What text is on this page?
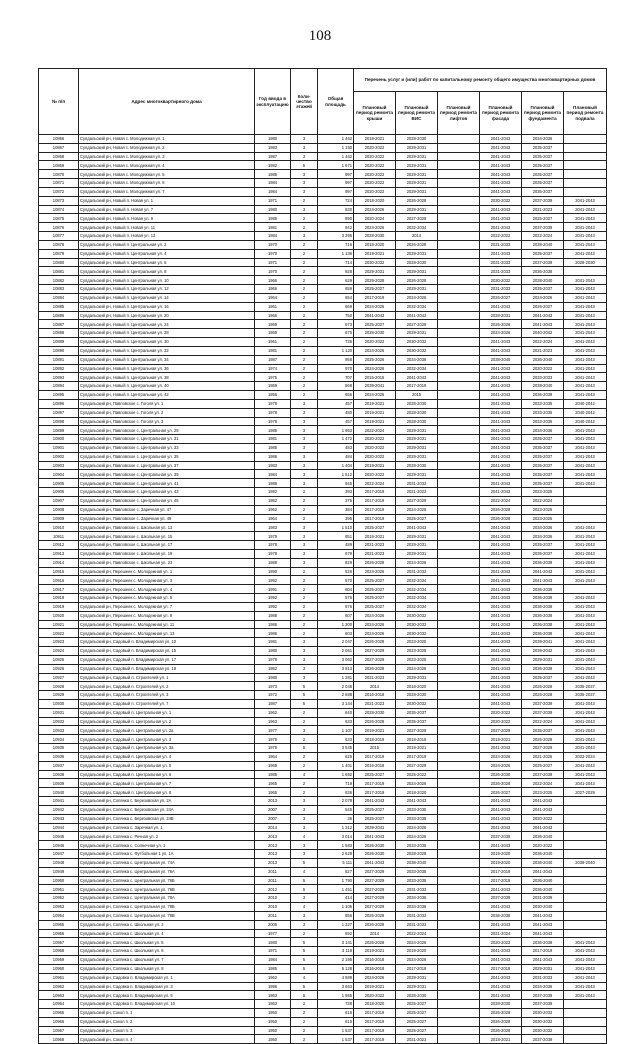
108
№ п/п	Адрес многоквартирного дома	Год ввода в эксплуатацию	Коли-чество этажей	Общая площадь	Перечень услуг и (или) работ по капитальному ремонту общего имущества многоквартирных домов					
					Плановый период ремонта крыши	Плановый период ремонта ВИС	Плановый период ремонта лифтов	Плановый период ремонта фасада	Плановый период ремонта фундамента	Плановый период ремонта подвала
10866	Сулдальский рн, Новая с. Молодежная ул. 1	1980	3	1 462	2018-2021	2028-2030		2041-2043	2034-2036	
10867	Сулдальский рн, Новая с. Молодежная ул. 2	1983	3	1 150	2020-2022	2029-2031		2041-2043	2035-2037	
10868	Сулдальский рн, Новая с. Молодежная ул. 3	1987	3	1 462	2020-2022	2029-2031		2041-2043	2035-2037	
10869	Сулдальский рн, Новая с. Молодежная ул. 4	1982	5	1 671	2020-2022	2029-2031		2041-2043	2035-2037	
10870	Сулдальский рн, Новая с. Молодежная ул. 5	1985	3	997	2020-2022	2029-2031		2041-2043	2035-2037	
10871	Сулдальский рн, Новая с. Молодежная ул. 6	1984	3	997	2020-2022	2029-2031		2041-2043	2035-2037	
10872	Сулдальский рн, Новая с. Молодежная ул. 7	1984	3	997	2020-2022	2029-2031		2041-2043	2035-2037	
10873	Сулдальский рн, Новый п. Новая ул. 1	1971	2	724	2018-2020	2026-2028		2030-2032	2037-2039	2041-2043
10874	Сулдальский рн, Новый п. Новая ул. 7	1980	3	830	2024-2026	2029-2031		2041-2043	2021-2023	2041-2043
10875	Сулдальский рн, Новый п. Новая ул. 9	1985	2	890	2020-2024	2027-2029		2041-2043	2025-2027	2041-2043
10876	Сулдальский рн, Новый п. Новая ул. 11	1981	2	942	2024-2026	2032-2034		2041-2043	2037-2039	2041-2043
10877	Сулдальский рн, Новый п. Новая ул. 13	1984	3	3 395	2028-2030	2014		2022-2022	2022-2024	2041-2043
10878	Сулдальский рн, Новый п. Центральная ул. 2	1970	2	716	2018-2020	2026-2028		2031-2033	2038-2040	2041-2043
10879	Сулдальский рн, Новый п. Центральная ул. 4	1970	2	1 136	2019-2021	2029-2031		2041-2043	2035-2037	2041-2043
10880	Сулдальский рн, Новый п. Центральная ул. 6	1971	2	714	2030-2032	2028-2030		2031-2033	2037-2039	2028-2030
10881	Сулдальский рн, Новый п. Центральная ул. 8	1970	2	928	2029-2031	2029-2031		2031-2033	2036-2038	
10882	Сулдальский рн, Новый п. Центральная ул. 10	1966	2	629	2029-2028	2026-2028		2030-2032	2038-2040	2041-2043
10883	Сулдальский рн, Новый п. Центральная ул. 12	1966	2	659	2025-2027	2029-2031		2031-2033	2035-2037	2041-2043
10884	Сулдальский рн, Новый п. Центральная ул. 14	1964	2	654	2017-2019	2024-2026		2026-2027	2024-2026	2041-2043
10885	Сулдальский рн, Новый п. Центральная ул. 16	1961	2	669	2024-2026	2032-2034		2041-2043	2026-2027	2041-2043
10886	Сулдальский рн, Новый п. Центральная ул. 20	1966	2	750	2041-2043	2041-2043		2028-2031	2041-2043	2041-2043
10887	Сулдальский рн, Новый п. Центральная ул. 24	1959	2	673	2025-2027	2027-2029		2026-2026	2041-2043	2041-2043
10888	Сулдальский рн, Новый п. Центральная ул. 28	1959	2	675	2028-2030	2029-2031		2024-2026	2040-2042	2041-2043
10889	Сулдальский рн, Новый п. Центральная ул. 30	1961	2	735	2020-2022	2030-2032		2041-2043	2022-2024	2041-2043
10890	Сулдальский рн, Новый п. Центральная ул. 32	1981	2	1 120	2024-2026	2030-2032		2041-2043	2021-2023	2041-2043
10891	Сулдальский рн, Новый п. Центральная ул. 34	1987	2	958	2025-2026	2034-2036		2038-2040	2036-2040	2041-2043
10892	Сулдальский рн, Новый п. Центральная ул. 36	1974	2	970	2024-2026	2032-2034		2041-2043	2020-2022	2041-2043
10893	Сулдальский рн, Новый п. Центральная ул. 38	1975	2	707	2015-2015	2041-2043		2041-2043	2033-2033	2041-2043
10894	Сулдальский рн, Новый п. Центральная ул. 40	1959	2	568	2039-2041	2017-2019		2041-2043	2038-2040	2041-2043
10895	Сулдальский рн, Новый п. Центральная ул. 42	1956	2	656	2024-2026	2015		2041-2043	2036-2038	2041-2043
10896	Сулдальский рн, Павловское с. Гоголя ул. 1	1978	3	457	2019-2021	2028-2030		2041-2043	2033-2035	2040-2042
10897	Сулдальский рн, Павловское с. Гоголя ул. 2	1978	3	480	2019-2021	2028-2030		2041-2043	2033-2035	2040-2042
10898	Сулдальский рн, Павловское с. Гоголя ул. 3	1978	3	457	2019-2021	2028-2030		2041-2043	2033-2035	2040-2042
10899	Сулдальский рн, Павловское с. Центральная ул. 29	1985	3	1 953	2022-2024	2029-2031		2041-2043	2034-2036	2041-2043
10900	Сулдальский рн, Павловское с. Центральная ул. 31	1981	3	1 472	2020-2022	2029-2031		2041-2043	2035-2037	2041-2043
10901	Сулдальский рн, Павловское с. Центральная ул. 33	1985	3	483	2020-2022	2029-2031		2041-2043	2035-2037	2041-2043
10902	Сулдальский рн, Павловское с. Центральная ул. 35	1986	3	484	2020-2022	2029-2031		2041-2043	2035-2037	2041-2043
10903	Сулдальский рн, Павловское с. Центральная ул. 37	1983	3	1 404	2019-2021	2028-2030		2041-2043	2035-2037	2041-2043
10904	Сулдальский рн, Павловское с. Центральная ул. 39	1984	3	1 512	2020-2022	2029-2031		2041-2043	2035-2037	2041-2043
10905	Сулдальский рн, Павловское с. Центральная ул. 41	1989	3	845	2022-2024	2031-2033		2041-2043	2035-2037	2041-2043
10906	Сулдальский рн, Павловское с. Центральная ул. 43	1982	2	393	2017-2019	2021-2023		2041-2043	2023-2025	
10907	Сулдальский рн, Павловское с. Центральная ул. 45	1982	2	375	2017-2019	2027-2029		2022-2024	2022-2024	
10908	Сулдальский рн, Павловское с. Заречная ул. 47	1962	2	384	2017-2019	2024-2026		2026-2028	2023-2025	
10909	Сулдальский рн, Павловское с. Заречная ул. 49	1964	2	395	2017-2019	2025-2027		2026-2028	2023-2025	
10910	Сулдальский рн, Павловское с. Школьная ул. 13	1983	3	1 510	2025-2027	2041-2043		2041-2043	2034-2036	2041-2043
10911	Сулдальский рн, Павловское с. Школьная ул. 15	1979	3	851	2019-2021	2029-2031		2041-2043	2034-2036	2041-2043
10912	Сулдальский рн, Павловское с. Школьная ул. 17	1978	3	489	2021-2023	2029-2031		2041-2043	2035-2037	2041-2043
10913	Сулдальский рн, Павловское с. Школьная ул. 19	1978	3	679	2021-2023	2029-2031		2041-2043	2035-2037	2041-2043
10914	Сулдальский рн, Павловское с. Школьная ул. 23	1988	3	829	2026-2028	2024-2026		2041-2043	2036-2038	2041-2043
10915	Сулдальский рн, Перешеек с. Молодежная ул. 1	1990	2	526	2024-2026	2031-2033		2041-2043	2041-2043	2041-2043
10916	Сулдальский рн, Перешеек с. Молодежная ул. 3	1992	2	570	2025-2027	2032-2034		2041-2043	2041-2043	2041-2043
10917	Сулдальский рн, Перешеек с. Молодежная ул. 4	1991	2	604	2025-2027	2032-2034		2041-2043	2036-2038	
10918	Сулдальский рн, Перешеек с. Молодежная ул. 5	1992	2	576	2025-2027	2032-2034		2041-2043	2036-2038	2041-2043
10919	Сулдальский рн, Перешеек с. Молодежная ул. 7	1992	2	576	2025-2027	2032-2034		2041-2043	2036-2038	2041-2043
10920	Сулдальский рн, Перешеек с. Молодежная ул. 9	1988	2	607	2024-2026	2030-2032		2041-2043	2036-2038	2041-2043
10921	Сулдальский рн, Перешеек с. Молодежная ул. 11	1986	2	1 300	2024-2026	2030-2032		2041-2043	2036-2038	2041-2043
10922	Сулдальский рн, Перешеек с. Молодежная ул. 13	1986	2	603	2024-2026	2030-2032		2041-2043	2036-2038	2041-2043
10923	Сулдальский рн, Садовый п. Владимирская ул. 10	1981	3	2 047	2026-2028	2023-2025		2041-2043	2039-2041	2041-2043
10924	Сулдальский рн, Садовый п. Владимирская ул. 15	1980	3	2 061	2027-2029	2023-2025		2041-2043	2039-2042	2041-2043
10925	Сулдальский рн, Садовый п. Владимирская ул. 17	1978	3	3 062	2027-2029	2023-2025		2041-2043	2029-2031	2041-2043
10926	Сулдальский рн, Садовый п. Владимирская ул. 19	1982	3	3 913	2026-2028	2024-2026		2041-2043	2036-2038	2041-2043
10927	Сулдальский рн, Садовый п. Строителей ул. 1	1980	3	1 281	2021-2023	2029-2031		2041-2043	2035-2037	2041-2043
10928	Сулдальский рн, Садовый п. Строителей ул. 2	1973	5	2 048	2014	2018-2020		2041-2043	2026-2028	2035-2037
10929	Сулдальский рн, Садовый п. Строителей ул. 3	1972	5	2 688	2016-2018	2028-2030		2041-2043	2026-2028	2035-2037
10930	Сулдальский рн, Садовый п. Строителей ул. 7	1987	5	3 144	2021-2023	2030-2032		2041-2043	2037-2039	2041-2043
10931	Сулдальский рн, Садовый п. Центральная ул. 1	1962	2	640	2028-2030	2035-2037		2020-2022	2037-2039	2041-2043
10932	Сулдальский рн, Садовый п. Центральная ул. 2	1963	2	633	2026-2028	2035-2037		2020-2022	2022-2024	2041-2043
10933	Сулдальский рн, Садовый п. Центральная ул. 2а	1977	3	1 107	2019-2021	2027-2029		2027-2029	2035-2037	2041-2043
10934	Сулдальский рн, Садовый п. Центральная ул. 3	1976	2	633	2018-2019	2018-2019		2019-2021	2026-2028	2041-2043
10935	Сулдальский рн, Садовый п. Центральная ул. 3а	1976	5	3 545	2015	2019-2021		2041-2043	2027-2029	2041-2043
10936	Сулдальский рн, Садовый п. Центральная ул. 4	1964	2	625	2017-2019	2017-2019		2024-2026	2021-2026	2022-2024
10937	Сулдальский рн, Садовый п. Центральная ул. 5	1969	2	1 401	2016-2018	2027-2029		2024-2026	2025-2027	2041-2043
10938	Сулдальский рн, Садовый п. Центральная ул. 6	1985	4	1 692	2025-2027	2025-2022		2026-2030	2037-2039	2041-2043
10939	Сулдальский рн, Садовый п. Центральная ул. 7	1965	2	719	2017-2019	2024-2026		2026-2028	2022-2024	2041-2043
10940	Сулдальский рн, Садовый п. Центральная ул. 8	1965	2	636	2017-2019	2018-2020		2026-2027	2023-2025	2027-2029
10941	Сулдальский рн, Солянка с. Березовская ул. 2А	2013	3	2 078	2041-2043	2041-2043		2041-2043	2041-2043	
10942	Сулдальский рн, Солянка с. Березовская ул. 24А	2007	3	545	2025-2027	2033-2035		2041-2043	2041-2043	
10943	Сулдальский рн, Солянка с. Березовская ул. 24Б	2007	3	36	2025-2027	2033-2035		2041-2043	2020-2022	
10944	Сулдальский рн, Солянка с. Заречная ул. 1	2014	3	1 312	2039-2041	2024-2026		2041-2043	2041-2043	
10945	Сулдальский рн, Солянка с. Речная ул. 2	2013	4	3 014	2041-2043	2024-2026		2037-2039	2036-2040	
10946	Сулдальский рн, Солянка с. Солнечная ул. 1	2013	3	1 583	2026-2030	2033-2035		2041-2043	2020-2022	
10947	Сулдальский рн, Солянка с. Футбольная 1 ул. 1А	2013	3	2 628	2026-2030	2028-2028		2019-2020	2036-2040	
10948	Сулдальский рн, Солянка с. Центральная ул. 74А	2013	5	5 111	2041-2043	2038-2040		2019-2020	2036-2040	2038-2040
10949	Сулдальский рн, Солянка с. Центральная ул. 76А	2011	4	627	2027-2029	2033-2035		2017-2019	2041-2043	
10950	Сулдальский рн, Солянка с. Центральная ул. 76Б	2011	5	1 790	2027-2029	2033-2035		2017-2019	2036-2040	
10951	Сулдальский рн, Солянка с. Центральная ул. 76В	2012	5	1 451	2027-2029	2031-2033		2041-2043	2036-2040	
10952	Сулдальский рн, Солянка с. Центральная ул. 78А	2010	3	414	2027-2029	2034-2036		2037-2039	2031-2039	
10953	Сулдальский рн, Солянка с. Центральная ул. 78Б	2010	4	1 105	2027-2029	2034-2036		2041-2043	2030-2040	
10954	Сулдальский рн, Солянка с. Центральная ул. 78В	2011	3	856	2026-2028	2031-2033		2036-2038	2041-2043	
10955	Сулдальский рн, Солянка с. Школьная ул. 2	2006	3	1 327	2026-2028	2031-2033		2041-2043	2041-2043	
10956	Сулдальский рн, Солянка с. Школьная ул. 4	1977	2	692	2014	2022-2024		2021-2024	2041-2043	
10957	Сулдальский рн, Солянка с. Школьная ул. 5	1980	5	3 141	2026-2028	2024-2026		2020-2022	2036-2038	2041-2043
10958	Сулдальский рн, Солянка с. Школьная ул. 6	1971	5	3 118	2019-2021	2019-2020		2041-2043	2017-2019	2041-2043
10959	Сулдальский рн, Солянка с. Школьная ул. 7	1984	5	2 195	2016-2018	2024-2026		2041-2043	2041-2043	2041-2043
10960	Сулдальский рн, Солянка с. Школьная ул. 8	1985	5	5 128	2016-2018	2017-2019		2017-2019	2029-2031	2041-2043
10961	Сулдальский рн, Садовка п. Владимирская ул. 1	1962	4	4 889	2024-2026	2029-2031		2041-2043	2031-2033	2041-2043
10962	Сулдальский рн, Садовка п. Владимирская ул. 3	1996	5	3 663	2019-2021	2029-2031		2041-2043	2034-2036	2041-2043
10963	Сулдальский рн, Садовка п. Владимирская ул. 5	1963	5	1 955	2020-2022	2028-2030		2041-2043	2037-2039	2041-2043
10964	Сулдальский рн, Садовка п. Владимирская ул. 10	1963	2	738	2018-2020	2025-2027		2028-2030	2037-2039	
10965	Сулдальский рн, Сокол п. 1	1950	2	616	2017-2019	2025-2027		2026-2028	2030-2032	
10966	Сулдальский рн, Сокол п. 2	1950	2	615	2017-2019	2025-2027		2026-2028	2030-2032	
10967	Сулдальский рн, Сокол п. 3	1950	2	1 537	2017-2019	2025-2027		2026-2028	2030-2032	
10968	Сулдальский рн, Сокол п. 4	1950	2	1 537	2017-2019	2021-2023		2018-2021	2037-2039	
